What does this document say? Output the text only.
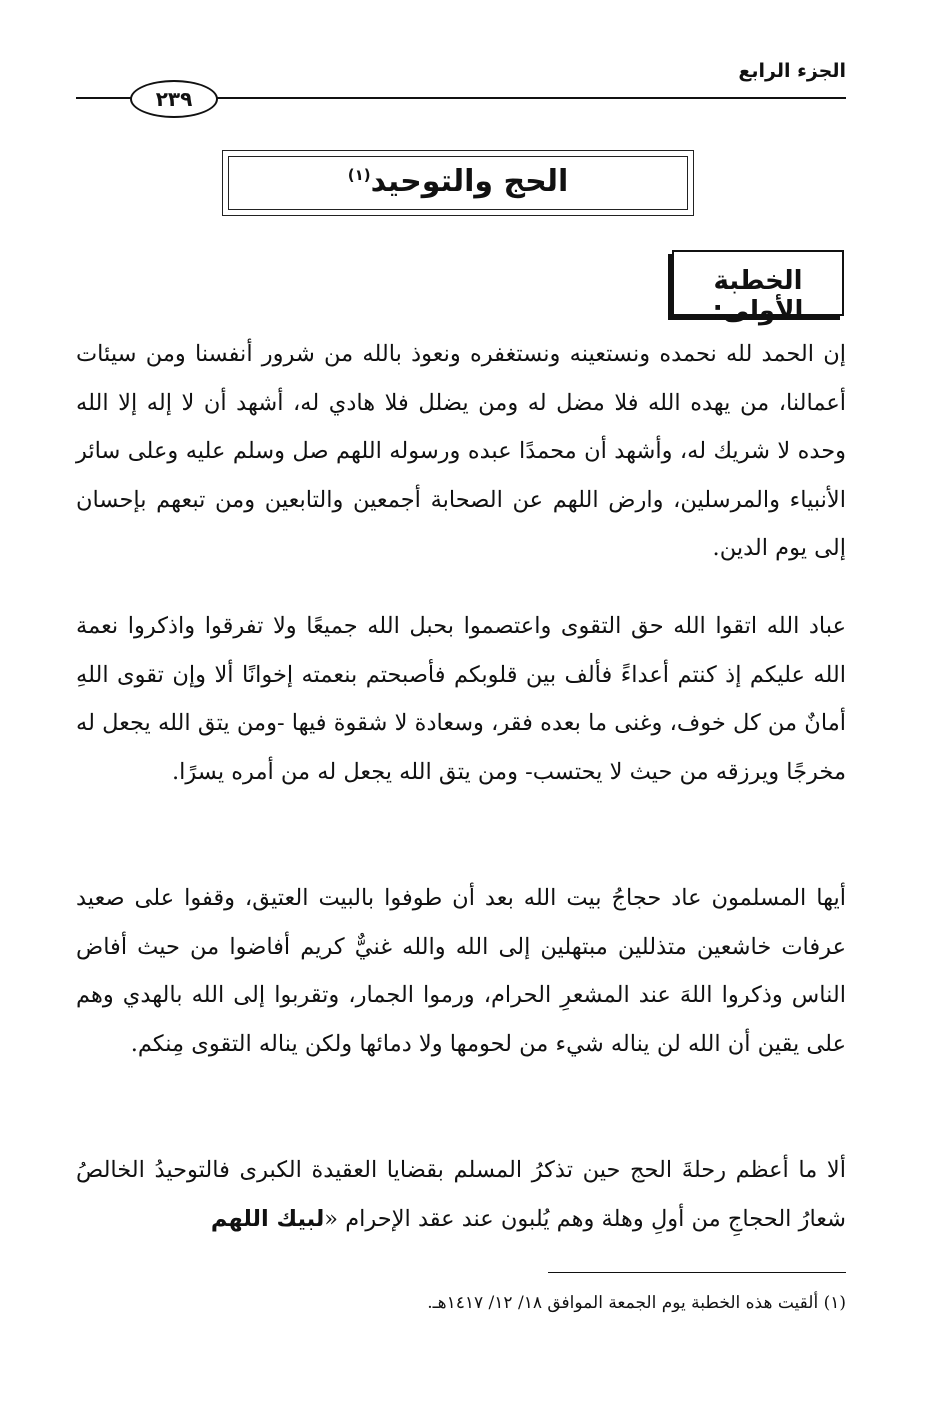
الجزء الرابع
٢٣٩
الحج والتوحيد$^{(١)}$
الخطبة الأولى:

إن الحمد لله نحمده ونستعينه ونستغفره ونعوذ بالله من شرور أنفسنا ومن سيئات أعمالنا، من يهده الله فلا مضل له ومن يضلل فلا هادي له، أشهد أن لا إله إلا الله وحده لا شريك له، وأشهد أن محمدًا عبده ورسوله اللهم صل وسلم عليه وعلى سائر الأنبياء والمرسلين، وارض اللهم عن الصحابة أجمعين والتابعين ومن تبعهم بإحسان إلى يوم الدين.

عباد الله اتقوا الله حق التقوى واعتصموا بحبل الله جميعًا ولا تفرقوا واذكروا نعمة الله عليكم إذ كنتم أعداءً فألف بين قلوبكم فأصبحتم بنعمته إخوانًا ألا وإن تقوى اللهِ أمانٌ من كل خوف، وغنى ما بعده فقر، وسعادة لا شقوة فيها -ومن يتق الله يجعل له مخرجًا ويرزقه من حيث لا يحتسب- ومن يتق الله يجعل له من أمره يسرًا.

أيها المسلمون عاد حجاجُ بيت الله بعد أن طوفوا بالبيت العتيق، وقفوا على صعيد عرفات خاشعين متذللين مبتهلين إلى الله والله غنيٌّ كريم أفاضوا من حيث أفاض الناس وذكروا اللهَ عند المشعرِ الحرام، ورموا الجمار، وتقربوا إلى الله بالهدي وهم على يقين أن الله لن يناله شيء من لحومها ولا دمائها ولكن يناله التقوى مِنكم.

ألا ما أعظم رحلةَ الحج حين تذكرُ المسلم بقضايا العقيدة الكبرى فالتوحيدُ الخالصُ شعارُ الحجاجِ من أولِ وهلة وهم يُلبون عند عقد الإحرام «لبيك اللهم

(١) ألقيت هذه الخطبة يوم الجمعة الموافق ١٨/ ١٢/ ١٤١٧هـ.
